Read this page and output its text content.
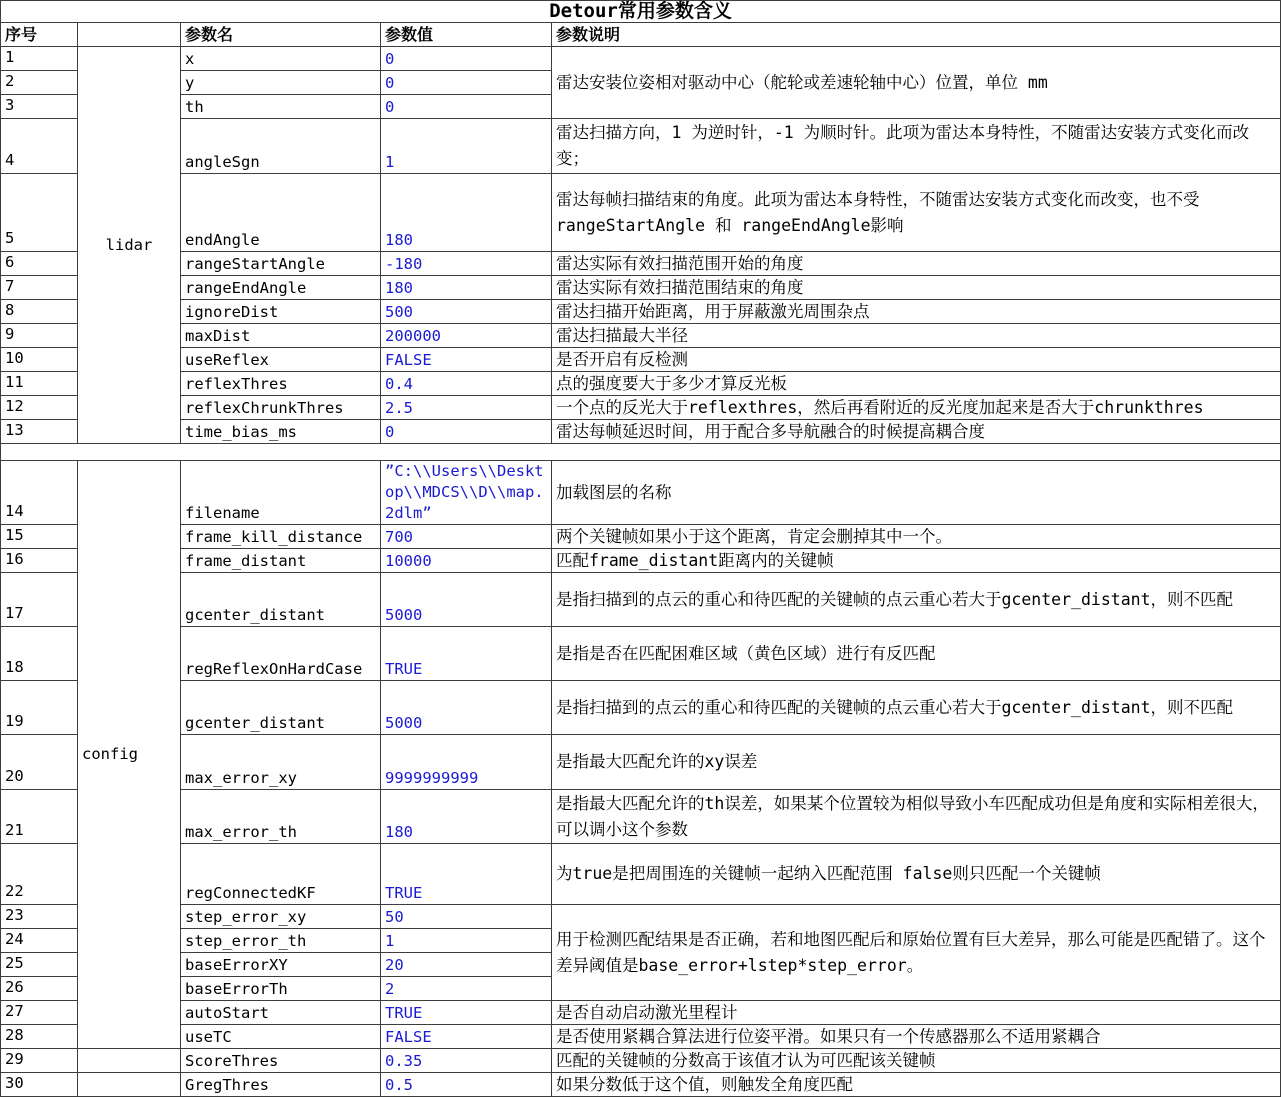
Detour常用参数含义				
序号		参数名	参数值	参数说明
1	lidar	x	0	雷达安装位姿相对驱动中心（舵轮或差速轮轴中心）位置，单位 mm
2		y	0	
3		th	0	
4		angleSgn	1	雷达扫描方向，1 为逆时针，-1 为顺时针。此项为雷达本身特性，不随雷达安装方式变化而改变；
5		endAngle	180	雷达每帧扫描结束的角度。此项为雷达本身特性，不随雷达安装方式变化而改变，也不受 rangeStartAngle 和 rangeEndAngle影响
6		rangeStartAngle	-180	雷达实际有效扫描范围开始的角度
7		rangeEndAngle	180	雷达实际有效扫描范围结束的角度
8		ignoreDist	500	雷达扫描开始距离，用于屏蔽激光周围杂点
9		maxDist	200000	雷达扫描最大半径
10		useReflex	FALSE	是否开启有反检测
11		reflexThres	0.4	点的强度要大于多少才算反光板
12		reflexChrunkThres	2.5	一个点的反光大于reflexthres，然后再看附近的反光度加起来是否大于chrunkthres
13		time_bias_ms	0	雷达每帧延迟时间，用于配合多导航融合的时候提高耦合度

14	config	filename	”C:\\Users\\Desktop\\MDCS\\D\\map.2dlm”	加载图层的名称
15		frame_kill_distance	700	两个关键帧如果小于这个距离，肯定会删掉其中一个。
16		frame_distant	10000	匹配frame_distant距离内的关键帧
17		gcenter_distant	5000	是指扫描到的点云的重心和待匹配的关键帧的点云重心若大于gcenter_distant，则不匹配
18		regReflexOnHardCase	TRUE	是指是否在匹配困难区域（黄色区域）进行有反匹配
19		gcenter_distant	5000	是指扫描到的点云的重心和待匹配的关键帧的点云重心若大于gcenter_distant，则不匹配
20		max_error_xy	9999999999	是指最大匹配允许的xy误差
21		max_error_th	180	是指最大匹配允许的th误差，如果某个位置较为相似导致小车匹配成功但是角度和实际相差很大，可以调小这个参数
22		regConnectedKF	TRUE	为true是把周围连的关键帧一起纳入匹配范围 false则只匹配一个关键帧
23		step_error_xy	50	用于检测匹配结果是否正确，若和地图匹配后和原始位置有巨大差异，那么可能是匹配错了。这个差异阈值是base_error+lstep*step_error。
24		step_error_th	1	
25		baseErrorXY	20	
26		baseErrorTh	2	
27		autoStart	TRUE	是否自动启动激光里程计
28		useTC	FALSE	是否使用紧耦合算法进行位姿平滑。如果只有一个传感器那么不适用紧耦合
29		ScoreThres	0.35	匹配的关键帧的分数高于该值才认为可匹配该关键帧
30		GregThres	0.5	如果分数低于这个值，则触发全角度匹配
